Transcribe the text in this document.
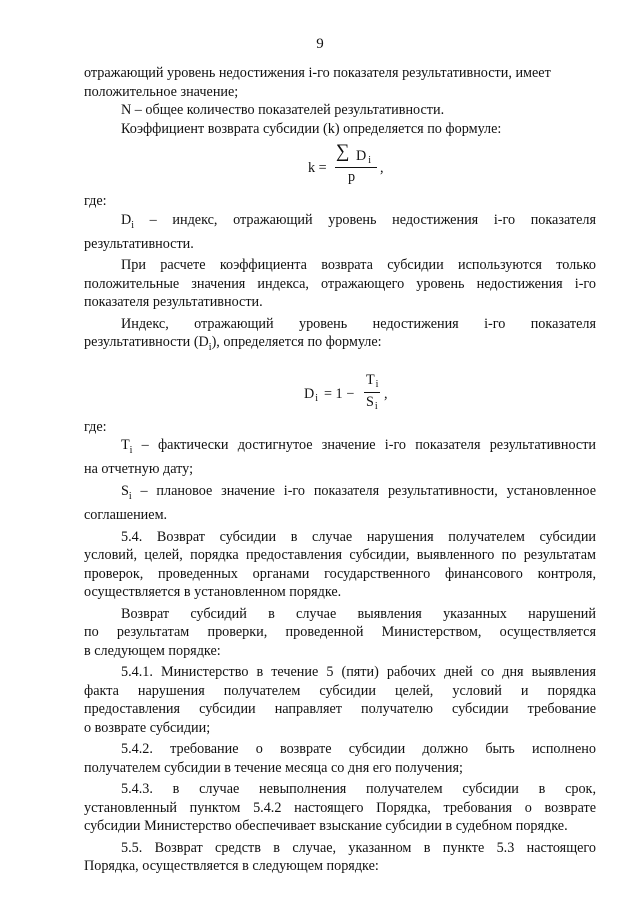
9

отражающий уровень недостижения i-го показателя результативности, имеет

положительное значение;

N – общее количество показателей результативности.

Коэффициент возврата субсидии (k) определяется по формуле:

k =
∑ D $_i$
p
,

где:

$D_i$ – индекс, отражающий уровень недостижения i-го показателя

результативности.

При расчете коэффициента возврата субсидии используются только

положительные значения индекса, отражающего уровень недостижения i-го

показателя результативности.

Индекс, отражающий уровень недостижения i-го показателя

результативности $(D_i)$, определяется по формуле:

$D_i = 1$ −
$T_i$
$S_i$
,

где:

$T_i$ – фактически достигнутое значение i-го показателя результативности

на отчетную дату;

$S_i$ – плановое значение i-го показателя результативности, установленное

соглашением.

5.4. Возврат субсидии в случае нарушения получателем субсидии

условий, целей, порядка предоставления субсидии, выявленного по результатам

проверок, проведенных органами государственного финансового контроля,

осуществляется в установленном порядке.

Возврат субсидий в случае выявления указанных нарушений

по результатам проверки, проведенной Министерством, осуществляется

в следующем порядке:

5.4.1. Министерство в течение 5 (пяти) рабочих дней со дня выявления

факта нарушения получателем субсидии целей, условий и порядка

предоставления субсидии направляет получателю субсидии требование

о возврате субсидии;

5.4.2. требование о возврате субсидии должно быть исполнено

получателем субсидии в течение месяца со дня его получения;

5.4.3. в случае невыполнения получателем субсидии в срок,

установленный пунктом 5.4.2 настоящего Порядка, требования о возврате

субсидии Министерство обеспечивает взыскание субсидии в судебном порядке.

5.5. Возврат средств в случае, указанном в пункте 5.3 настоящего

Порядка, осуществляется в следующем порядке:
